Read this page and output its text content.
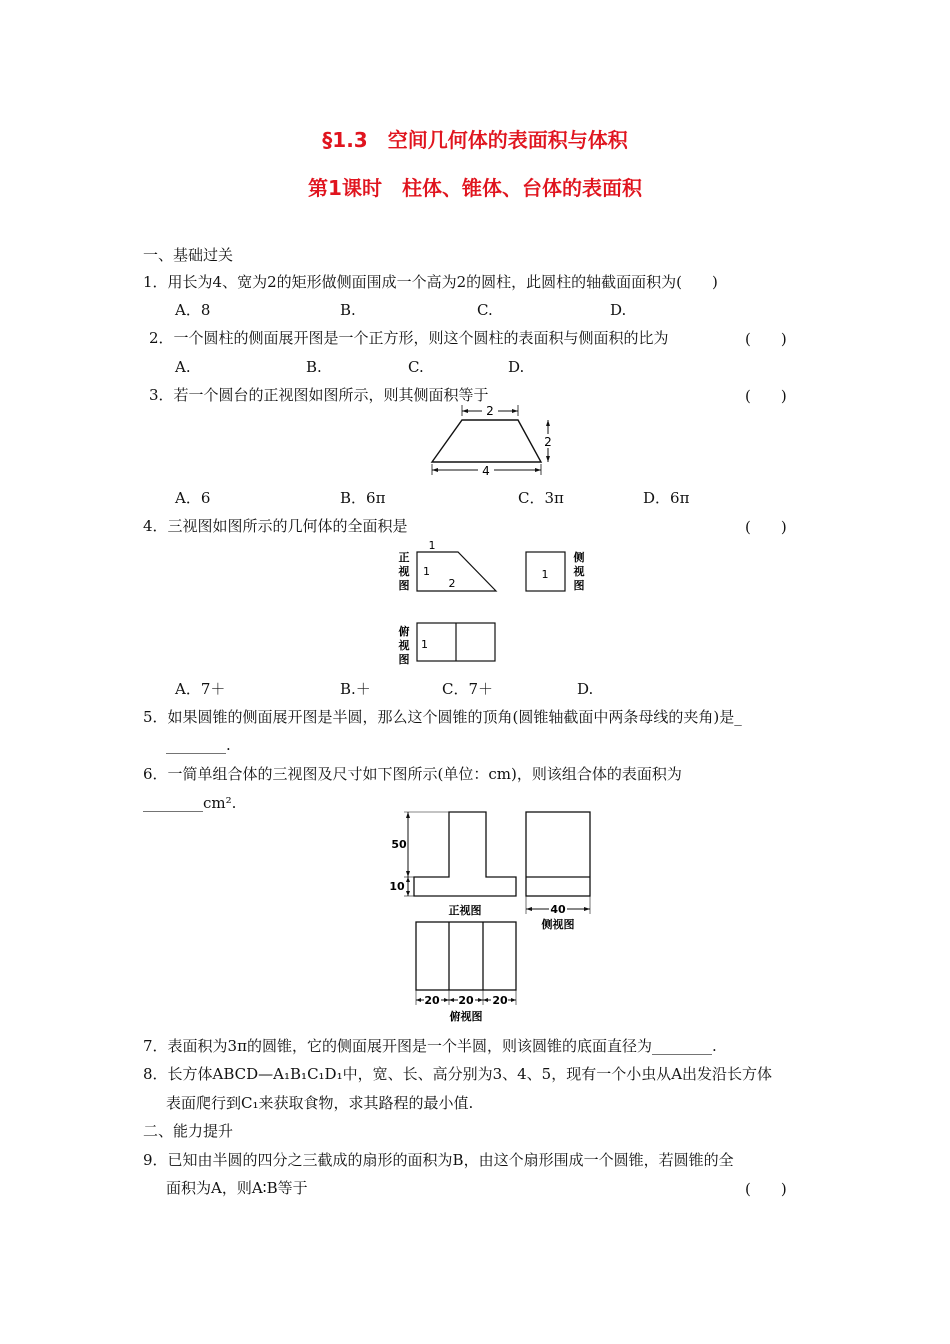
§1.3　空间几何体的表面积与体积
第1课时　柱体、锥体、台体的表面积
一、基础过关
1．用长为4、宽为2的矩形做侧面围成一个高为2的圆柱，此圆柱的轴截面面积为(　　)
A．8	B.	C.	D.
2．一个圆柱的侧面展开图是一个正方形，则这个圆柱的表面积与侧面积的比为	(　　)
A.	B.	C.	D.
3．若一个圆台的正视图如图所示，则其侧面积等于	(　　)
2
2
4
A．6	B．6π	C．3π	D．6π
4．三视图如图所示的几何体的全面积是	(　　)
正
视
图
1
1
2
1
侧
视
图
俯
视
图
1
A．7＋	B.＋	C．7＋	D.
5．如果圆锥的侧面展开图是半圆，那么这个圆锥的顶角(圆锥轴截面中两条母线的夹角)是_
________.
6．一简单组合体的三视图及尺寸如下图所示(单位：cm)，则该组合体的表面积为
________cm².
50
10
正视图	40
侧视图
20 20 20
俯视图
7．表面积为3π的圆锥，它的侧面展开图是一个半圆，则该圆锥的底面直径为________.
8．长方体ABCD—A₁B₁C₁D₁中，宽、长、高分别为3、4、5，现有一个小虫从A出发沿长方体
表面爬行到C₁来获取食物，求其路程的最小值.
二、能力提升
9．已知由半圆的四分之三截成的扇形的面积为B，由这个扇形围成一个圆锥，若圆锥的全
面积为A，则A∶B等于	(　　)
